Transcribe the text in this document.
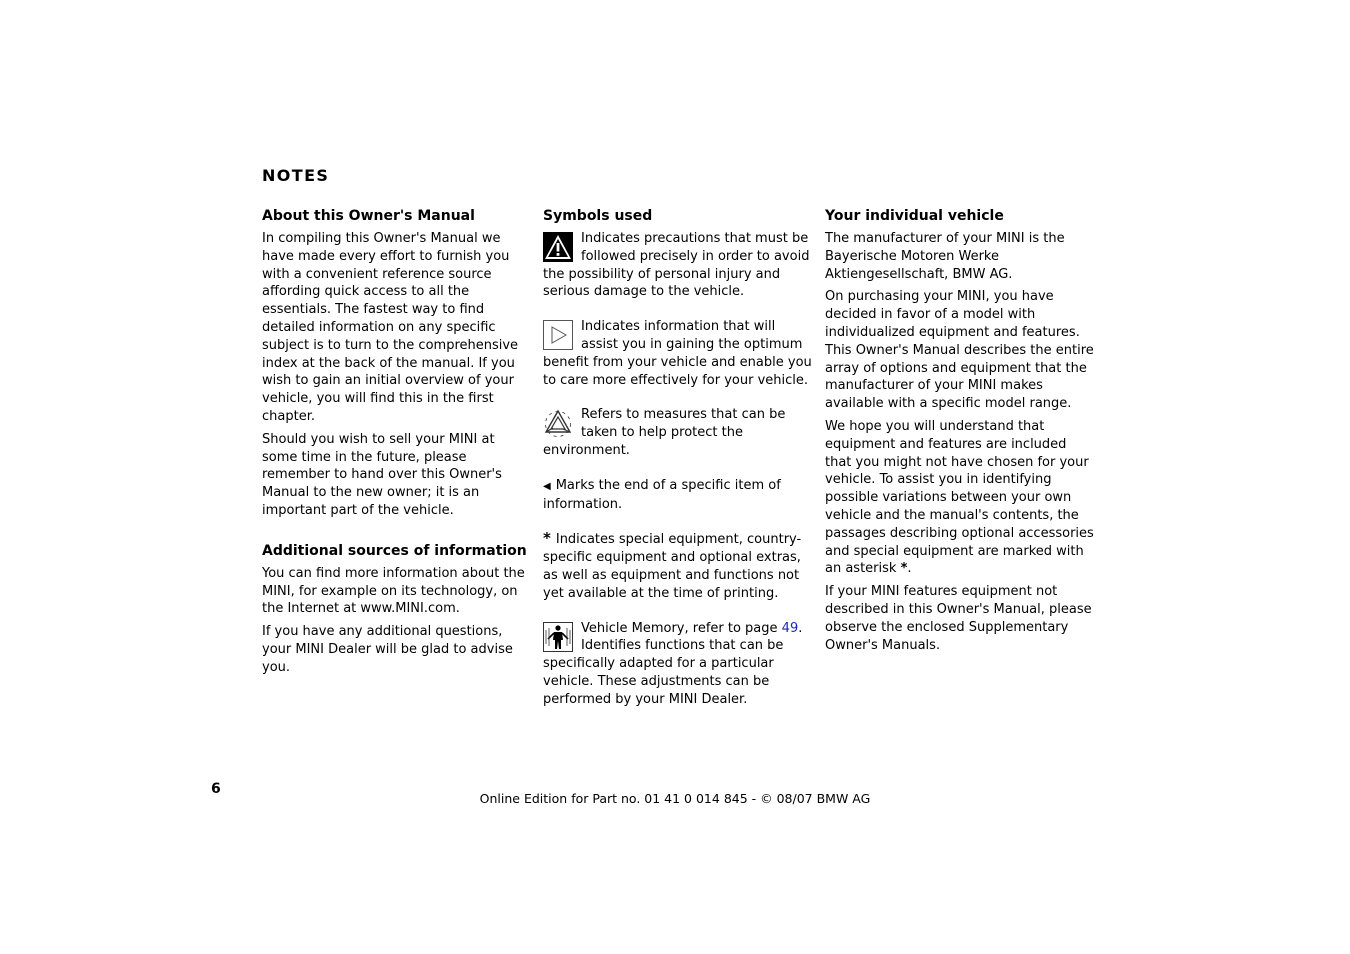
NOTES
About this Owner's Manual

In compiling this Owner's Manual we have made every effort to furnish you with a convenient reference source affording quick access to all the essentials. The fastest way to find detailed information on any specific subject is to turn to the comprehensive index at the back of the manual. If you wish to gain an initial overview of your vehicle, you will find this in the first chapter.

Should you wish to sell your MINI at some time in the future, please remember to hand over this Owner's Manual to the new owner; it is an important part of the vehicle.

Additional sources of information

You can find more information about the MINI, for example on its technology, on the Internet at www.MINI.com.

If you have any additional questions, your MINI Dealer will be glad to advise you.

Symbols used
Indicates precautions that must be followed precisely in order to avoid the possibility of personal injury and serious damage to the vehicle.
Indicates information that will assist you in gaining the optimum benefit from your vehicle and enable you to care more effectively for your vehicle.
Refers to measures that can be taken to help protect the environment.
◀ Marks the end of a specific item of information.
* Indicates special equipment, country-specific equipment and optional extras, as well as equipment and functions not yet available at the time of printing.
Vehicle Memory, refer to page 49. Identifies functions that can be specifically adapted for a particular vehicle. These adjustments can be performed by your MINI Dealer.
Your individual vehicle

The manufacturer of your MINI is the Bayerische Motoren Werke Aktiengesellschaft, BMW AG.

On purchasing your MINI, you have decided in favor of a model with individualized equipment and features. This Owner's Manual describes the entire array of options and equipment that the manufacturer of your MINI makes available with a specific model range.

We hope you will understand that equipment and features are included that you might not have chosen for your vehicle. To assist you in identifying possible variations between your own vehicle and the manual's contents, the passages describing optional accessories and special equipment are marked with an asterisk *.

If your MINI features equipment not described in this Owner's Manual, please observe the enclosed Supplementary Owner's Manuals.

6
Online Edition for Part no. 01 41 0 014 845 - © 08/07 BMW AG
